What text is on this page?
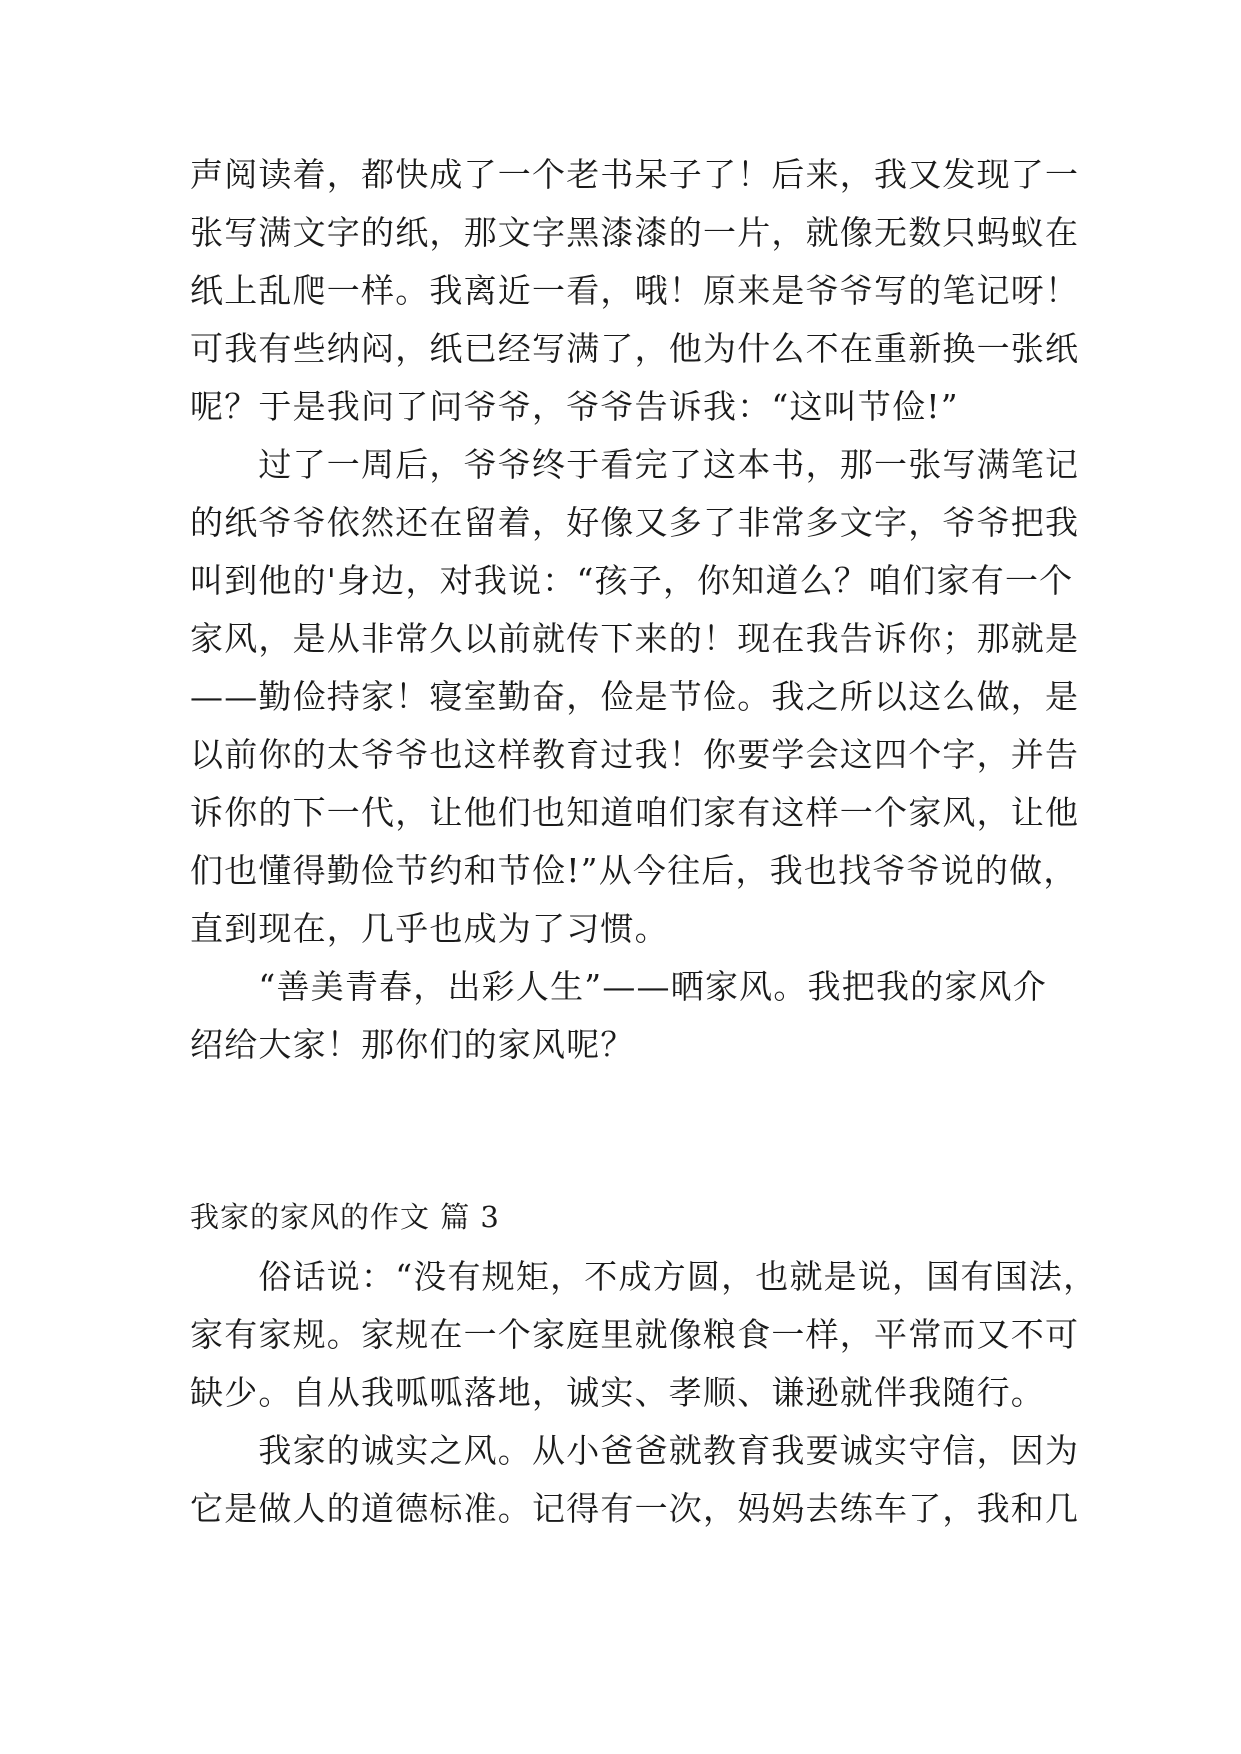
声阅读着，都快成了一个老书呆子了！后来，我又发现了一
张写满文字的纸，那文字黑漆漆的一片，就像无数只蚂蚁在
纸上乱爬一样。我离近一看，哦！原来是爷爷写的笔记呀！
可我有些纳闷，纸已经写满了，他为什么不在重新换一张纸
呢？于是我问了问爷爷，爷爷告诉我：“这叫节俭!”
　　过了一周后，爷爷终于看完了这本书，那一张写满笔记
的纸爷爷依然还在留着，好像又多了非常多文字，爷爷把我
叫到他的'身边，对我说：“孩子，你知道么？咱们家有一个
家风，是从非常久以前就传下来的！现在我告诉你；那就是
——勤俭持家！寝室勤奋，俭是节俭。我之所以这么做，是
以前你的太爷爷也这样教育过我！你要学会这四个字，并告
诉你的下一代，让他们也知道咱们家有这样一个家风，让他
们也懂得勤俭节约和节俭!”从今往后，我也找爷爷说的做，
直到现在，几乎也成为了习惯。
　　“善美青春，出彩人生”——晒家风。我把我的家风介
绍给大家！那你们的家风呢？
我家的家风的作文 篇 3
　　俗话说：“没有规矩，不成方圆，也就是说，国有国法，
家有家规。家规在一个家庭里就像粮食一样，平常而又不可
缺少。自从我呱呱落地，诚实、孝顺、谦逊就伴我随行。
　　我家的诚实之风。从小爸爸就教育我要诚实守信，因为
它是做人的道德标准。记得有一次，妈妈去练车了，我和几
